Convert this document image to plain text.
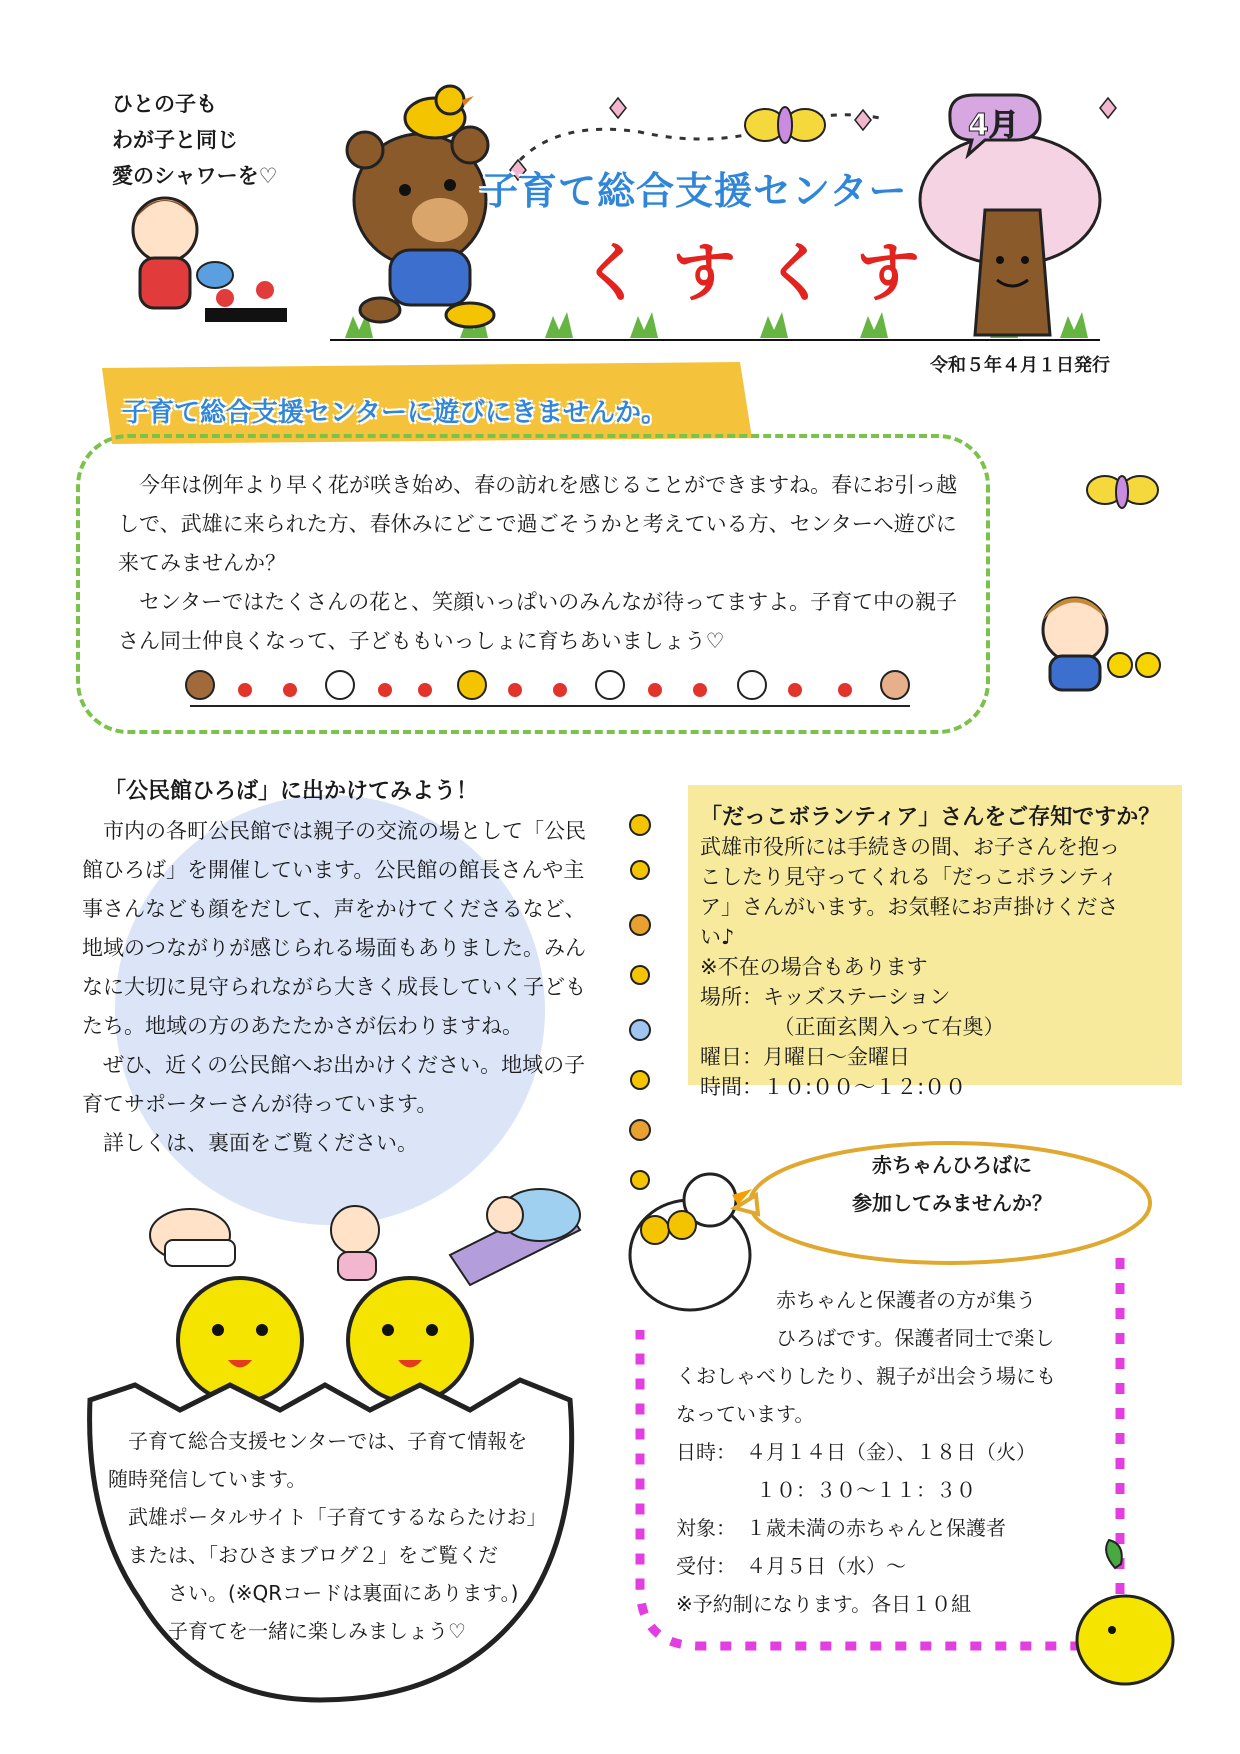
ひとの子も
わが子と同じ
愛のシャワーを♡
4月
子育て総合支援センター
くすくす
令和５年４月１日発行
子育て総合支援センターに遊びにきませんか。

今年は例年より早く花が咲き始め、春の訪れを感じることができますね。春にお引っ越しで、武雄に来られた方、春休みにどこで過ごそうかと考えている方、センターへ遊びに来てみませんか？

センターではたくさんの花と、笑顔いっぱいのみんなが待ってますよ。子育て中の親子さん同士仲良くなって、子どももいっしょに育ちあいましょう♡

「公民館ひろば」に出かけてみよう！

市内の各町公民館では親子の交流の場として「公民館ひろば」を開催しています。公民館の館長さんや主事さんなども顔をだして、声をかけてくださるなど、地域のつながりが感じられる場面もありました。みんなに大切に見守られながら大きく成長していく子どもたち。地域の方のあたたかさが伝わりますね。

ぜひ、近くの公民館へお出かけください。地域の子育てサポーターさんが待っています。

詳しくは、裏面をご覧ください。

　子育て総合支援センターでは、子育て情報を
随時発信しています。
　武雄ポータルサイト「子育てするならたけお」
　または、「おひさまブログ２」をご覧くだ
　　　さい。(※QRコードは裏面にあります。)
　　　子育てを一緒に楽しみましょう♡
「だっこボランティア」さんをご存知ですか？
武雄市役所には手続きの間、お子さんを抱っ
こしたり見守ってくれる「だっこボランティ
ア」さんがいます。お気軽にお声掛けくださ
い♪
※不在の場合もあります
場所：キッズステーション
　　　　（正面玄関入って右奥）
曜日：月曜日～金曜日
時間：１０:００～１２:００
赤ちゃんひろばに
参加してみませんか？
　　　　　赤ちゃんと保護者の方が集う
　　　　　ひろばです。保護者同士で楽し
くおしゃべりしたり、親子が出会う場にも
なっています。
日時：　４月１４日（金）、１８日（火）
　　　　１０：３０～１１：３０
対象：　１歳未満の赤ちゃんと保護者
受付：　４月５日（水）～
※予約制になります。各日１０組
